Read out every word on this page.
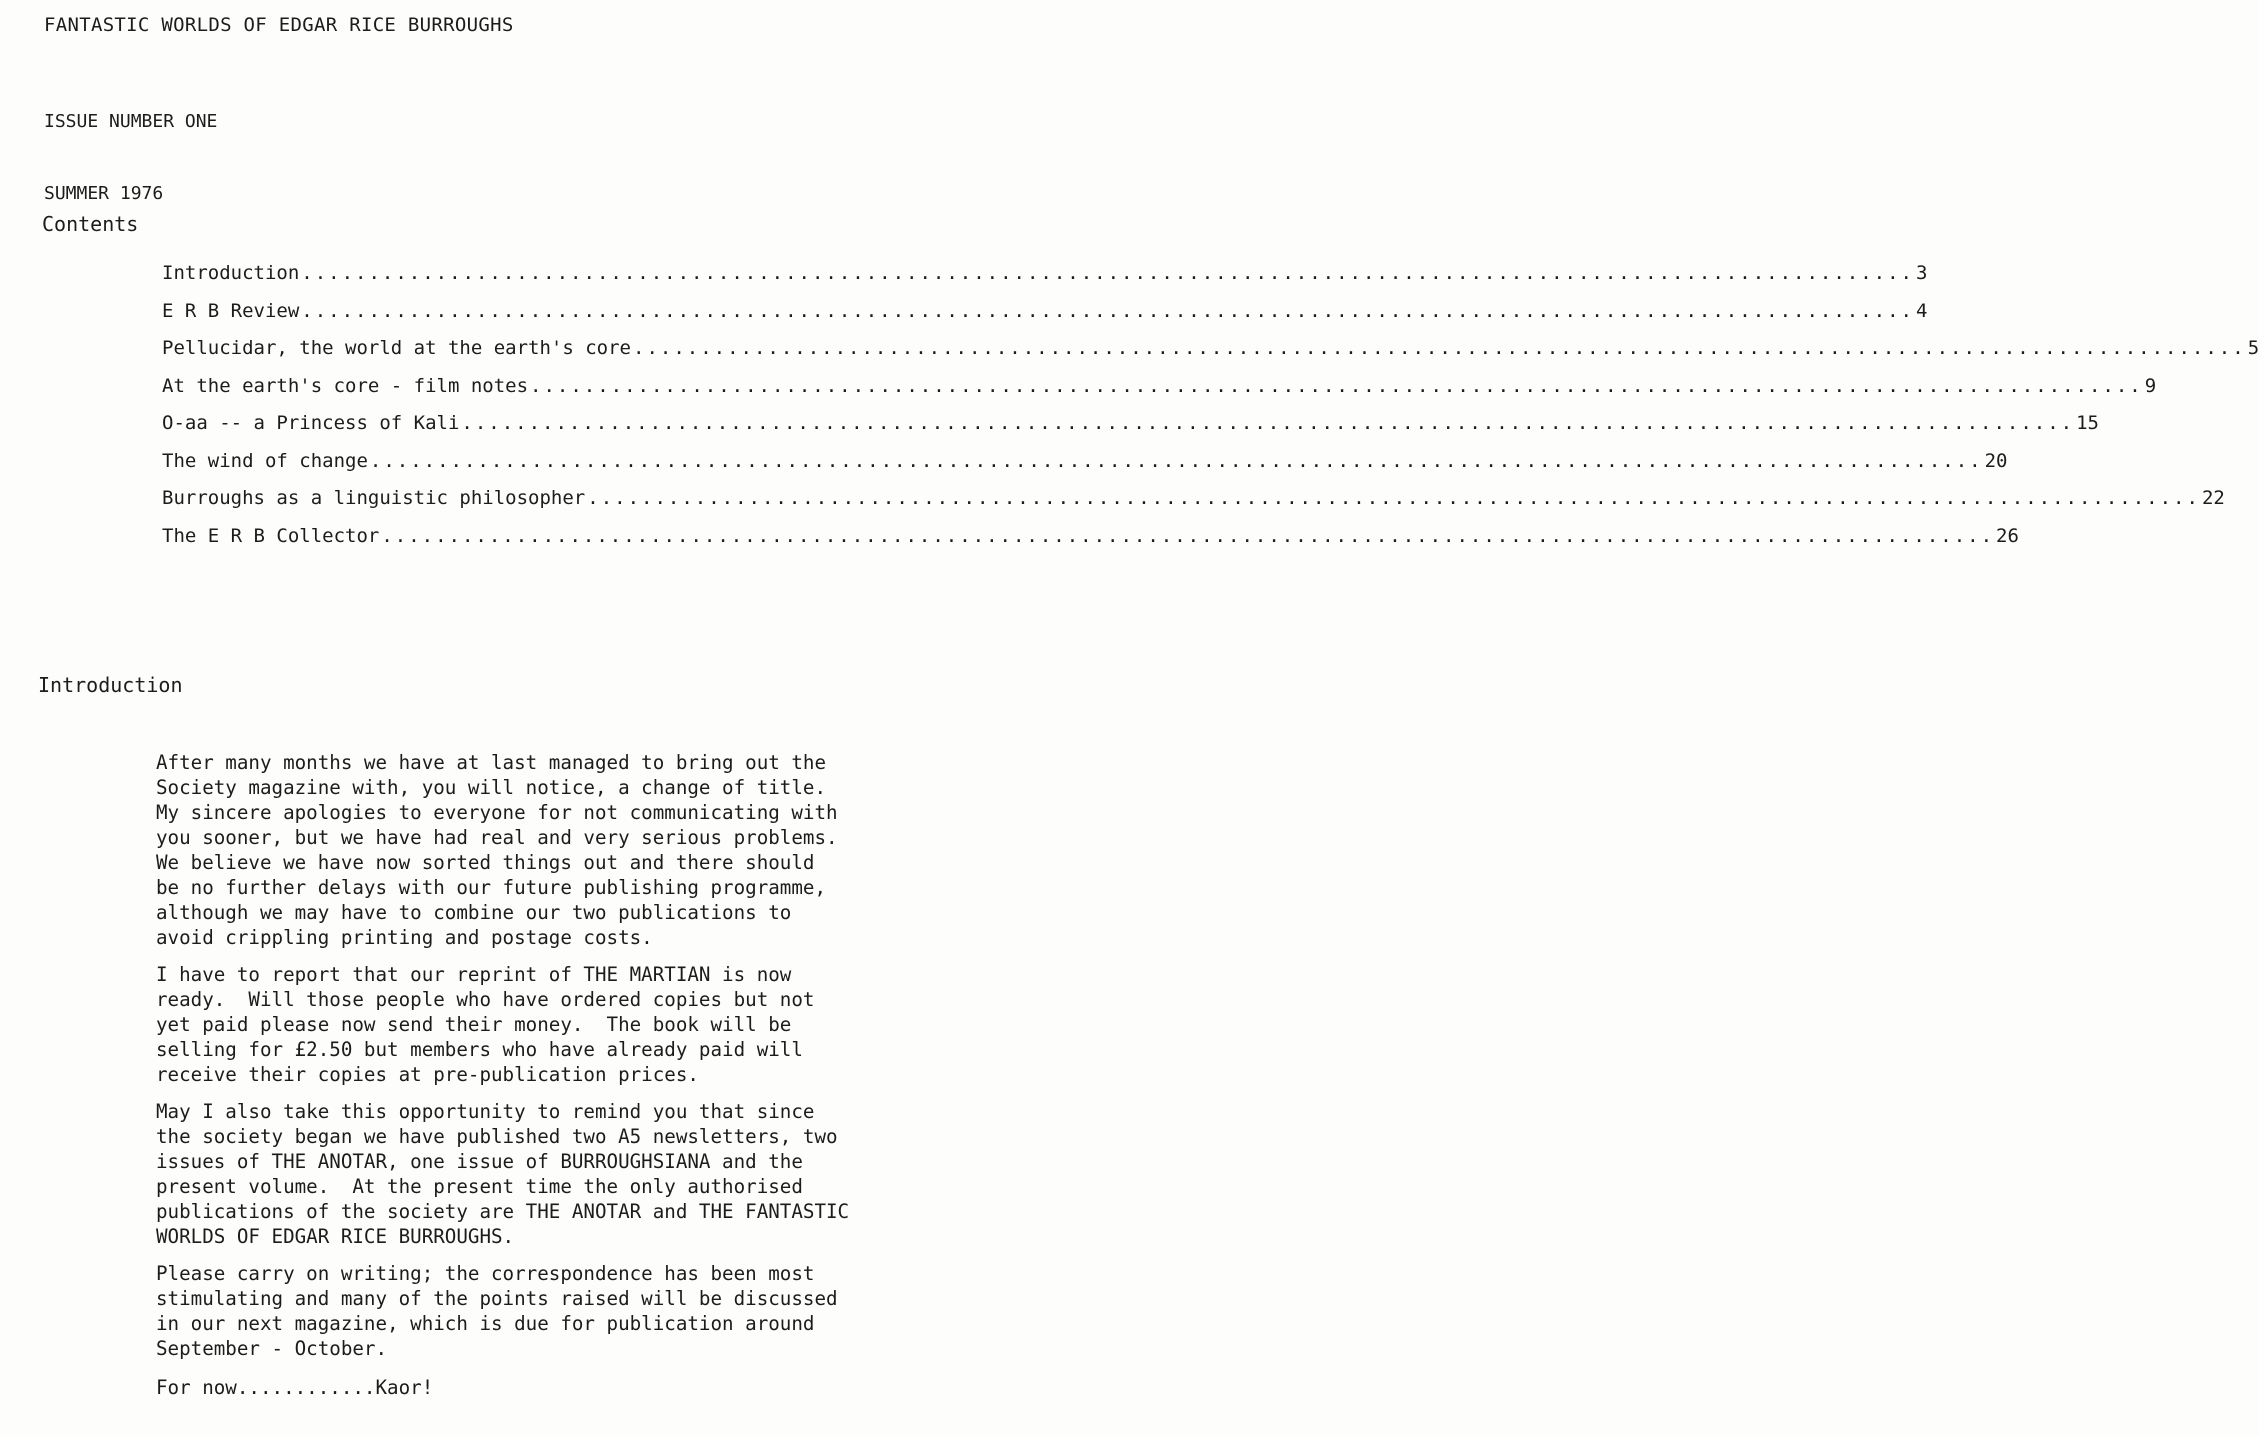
FANTASTIC WORLDS OF EDGAR RICE BURROUGHS

ISSUE NUMBER ONE

SUMMER 1976

Contents
Introduction ........................................................................................................................ 3
E R B Review ........................................................................................................................ 4
Pellucidar, the world at the earth's core ........................................................................................................................ 5
At the earth's core - film notes ........................................................................................................................ 9
O-aa -- a Princess of Kali ........................................................................................................................ 15
The wind of change ........................................................................................................................ 20
Burroughs as a linguistic philosopher ........................................................................................................................ 22
The E R B Collector ........................................................................................................................ 26
Introduction
After many months we have at last managed to bring out the
Society magazine with, you will notice, a change of title.
My sincere apologies to everyone for not communicating with
you sooner, but we have had real and very serious problems.
We believe we have now sorted things out and there should
be no further delays with our future publishing programme,
although we may have to combine our two publications to
avoid crippling printing and postage costs.
I have to report that our reprint of THE MARTIAN is now
ready.  Will those people who have ordered copies but not
yet paid please now send their money.  The book will be
selling for £2.50 but members who have already paid will
receive their copies at pre-publication prices.
May I also take this opportunity to remind you that since
the society began we have published two A5 newsletters, two
issues of THE ANOTAR, one issue of BURROUGHSIANA and the
present volume.  At the present time the only authorised
publications of the society are THE ANOTAR and THE FANTASTIC
WORLDS OF EDGAR RICE BURROUGHS.
Please carry on writing; the correspondence has been most
stimulating and many of the points raised will be discussed
in our next magazine, which is due for publication around
September - October.
For now............Kaor!
